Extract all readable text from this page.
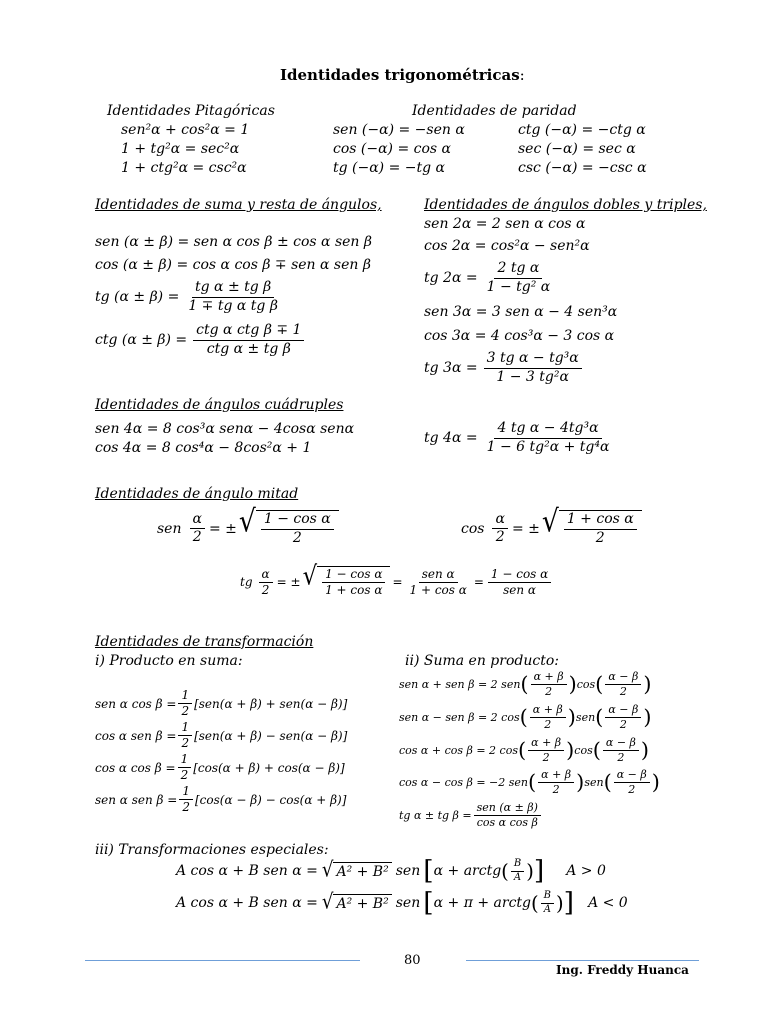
Identidades trigonométricas:
Identidades Pitagóricas
sen²α + cos²α = 1
1 + tg²α = sec²α
1 + ctg²α = csc²α
Identidades de paridad
sen (−α) = −sen α
cos (−α) = cos α
tg (−α) = −tg α
ctg (−α) = −ctg α
sec (−α) = sec α
csc (−α) = −csc α
Identidades de suma y resta de ángulos,
sen (α ± β) = sen α cos β ± cos α sen β
cos (α ± β) = cos α cos β ∓ sen α sen β
tg $(\alpha \pm \beta) = \frac{\text{tg α ± tg β}}{\text{1 ∓ tg α tg β}}$
ctg $(\alpha \pm \beta) = \frac{\text{ctg α ctg β ∓ 1}}{\text{ctg α ± tg β}}$
Identidades de ángulos dobles y triples,
sen 2α = 2 sen α cos α
cos 2α = cos²α − sen²α
tg $2\alpha = \frac{\text{2 tg α}}{\text{1 − tg² α}}$
sen 3α = 3 sen α − 4 sen³α
cos 3α = 4 cos³α − 3 cos α
tg $3\alpha = \frac{\text{3 tg α − tg³α}}{\text{1 − 3 tg²α}}$
Identidades de ángulos cuádruples
sen 4α = 8 cos³α senα − 4cosα senα
cos 4α = 8 cos⁴α − 8cos²α + 1
tg $4\alpha = \frac{\text{4 tg α − 4tg³α}}{\text{1 − 6 tg²α + tg⁴α}}$
Identidades de ángulo mitad
sen $\frac{\alpha}{2}$ = ± √ $\frac{\text{1 − cos α}}{2}$	$\cos \frac{\alpha}{2}$ = ± √ $\frac{\text{1 + cos α}}{2}$
tg $\frac{\alpha}{2}$ = ± √ $\frac{\text{1 − cos α}}{\text{1 + cos α}} = \frac{\text{sen α}}{\text{1 + cos α}} = \frac{\text{1 − cos α}}{\text{sen α}}$
Identidades de transformación
i) Producto en suma:	ii) Suma en producto:
sen α $\cos \beta = \frac{1}{2} [sen(\alpha + \beta) + sen(\alpha - \beta)]$
cos α sen $\beta = \frac{1}{2} [sen(\alpha + \beta) - sen(\alpha - \beta)]$
cos α $\cos \beta = \frac{1}{2} [\cos(\alpha + \beta) + \cos(\alpha - \beta)]$
sen α sen $\beta = \frac{1}{2} [\cos(\alpha - \beta) - \cos(\alpha + \beta)]$
sen α + sen β = 2 sen ( $\frac{\alpha + \beta}{2}$ ) cos ( $\frac{\alpha - \beta}{2}$ )
sen α − sen β = 2 cos ( $\frac{\alpha + \beta}{2}$ ) sen ( $\frac{\alpha - \beta}{2}$ )
cos α + cos β = 2 cos ( $\frac{\alpha + \beta}{2}$ ) cos ( $\frac{\alpha - \beta}{2}$ )
cos α − cos β = −2 sen ( $\frac{\alpha + \beta}{2}$ ) sen ( $\frac{\alpha - \beta}{2}$ )
tg α ± tg $\beta = \frac{\text{sen (α ± β)}}{\text{cos α cos β}}$
iii) Transformaciones especiales:
A cos α + B sen α = √ A² + B² sen [ α + arctg ( $\frac{B}{A}$ ) ] A > 0
A cos α + B sen α = √ A² + B² sen [ α + π + arctg ( $\frac{B}{A}$ ) ] A < 0
80
Ing. Freddy Huanca
